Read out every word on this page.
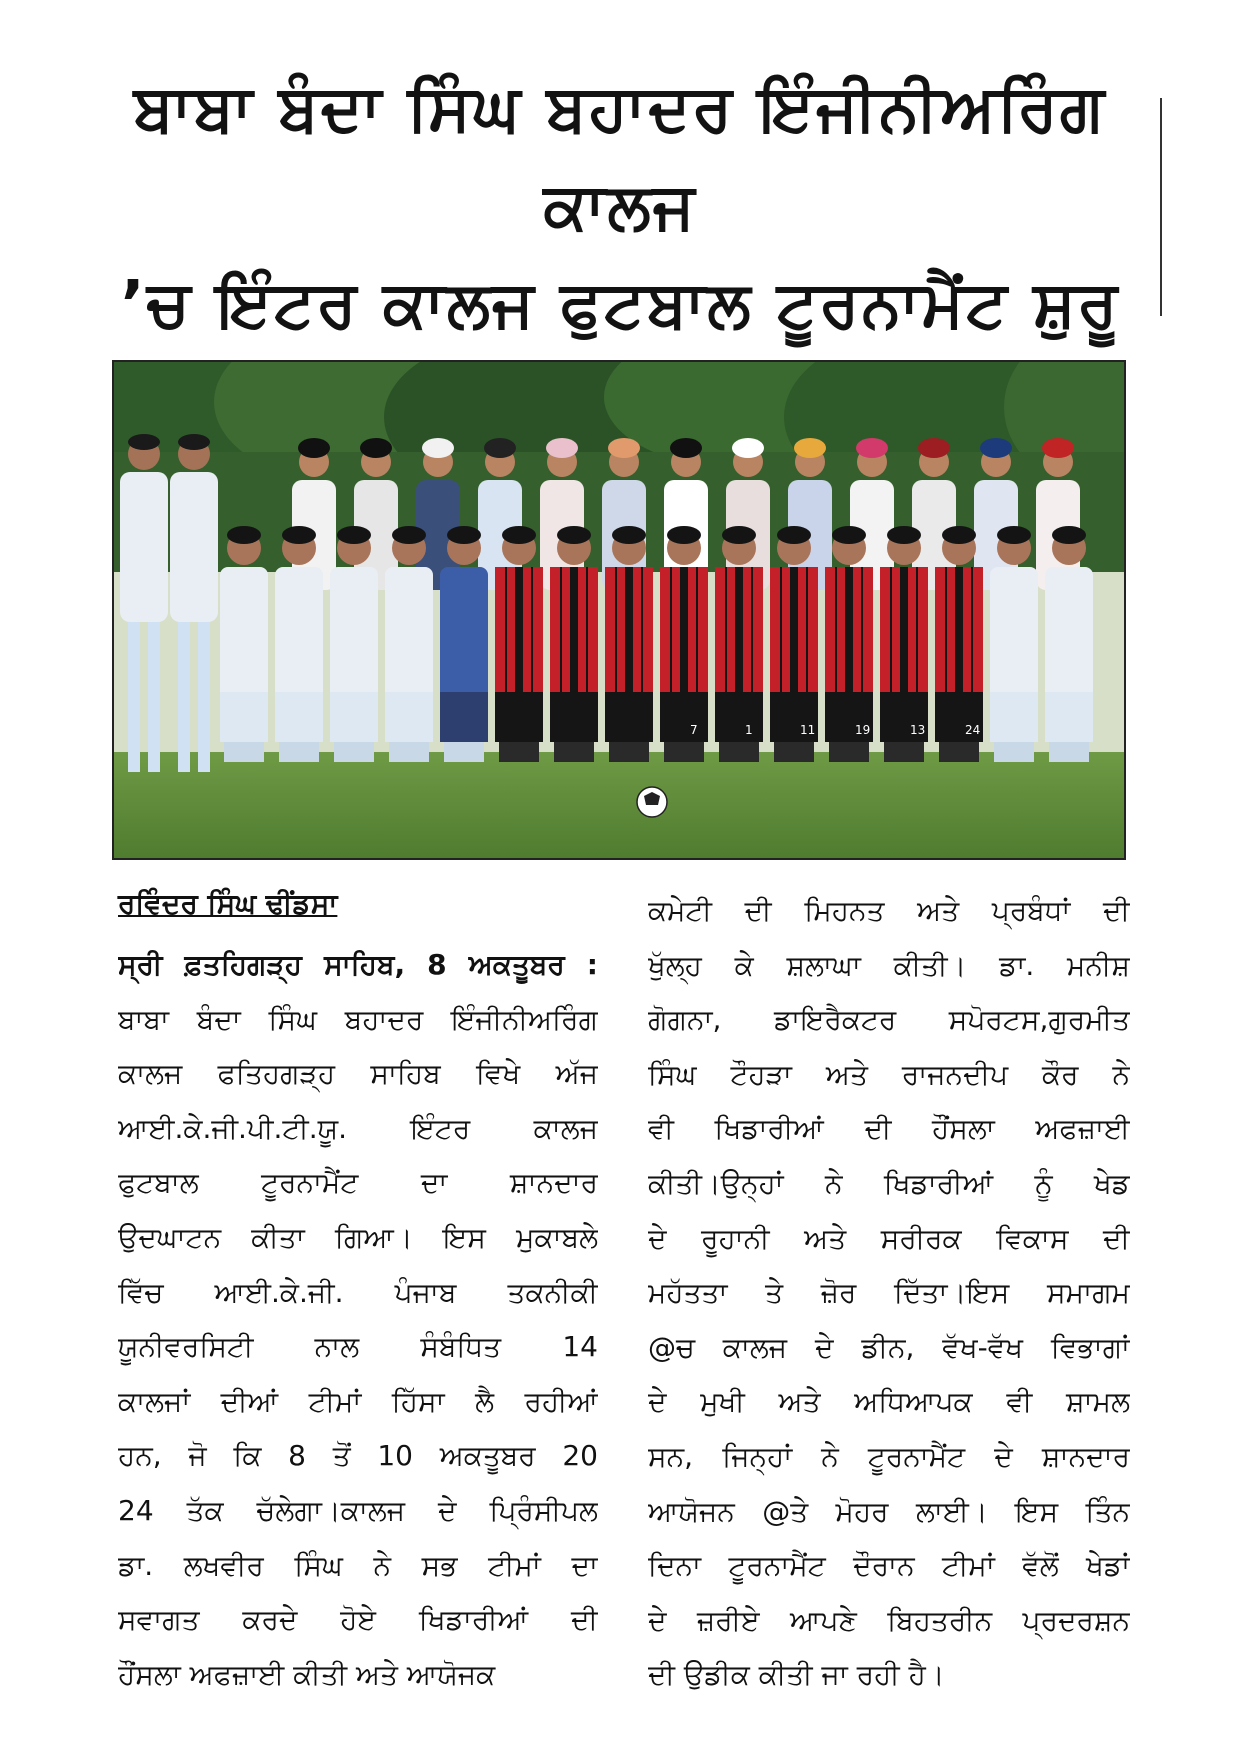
ਬਾਬਾ ਬੰਦਾ ਸਿੰਘ ਬਹਾਦਰ ਇੰਜੀਨੀਅਰਿੰਗ ਕਾਲਜ
’ਚ ਇੰਟਰ ਕਾਲਜ ਫੁਟਬਾਲ ਟੂਰਨਾਮੈਂਟ ਸ਼ੁਰੂ
7	1	11	19	13	24
ਰਵਿੰਦਰ ਸਿੰਘ ਢੀਂਡਸਾ
ਸ੍ਰੀ ਫ਼ਤਹਿਗੜ੍ਹ ਸਾਹਿਬ, 8 ਅਕਤੂਬਰ :
ਬਾਬਾ ਬੰਦਾ ਸਿੰਘ ਬਹਾਦਰ ਇੰਜੀਨੀਅਰਿੰਗ
ਕਾਲਜ ਫਤਿਹਗੜ੍ਹ ਸਾਹਿਬ ਵਿਖੇ ਅੱਜ
ਆਈ.ਕੇ.ਜੀ.ਪੀ.ਟੀ.ਯੂ. ਇੰਟਰ ਕਾਲਜ
ਫੁਟਬਾਲ ਟੂਰਨਾਮੈਂਟ ਦਾ ਸ਼ਾਨਦਾਰ
ਉਦਘਾਟਨ ਕੀਤਾ ਗਿਆ। ਇਸ ਮੁਕਾਬਲੇ
ਵਿੱਚ ਆਈ.ਕੇ.ਜੀ. ਪੰਜਾਬ ਤਕਨੀਕੀ
ਯੂਨੀਵਰਸਿਟੀ ਨਾਲ ਸੰਬੰਧਿਤ 14
ਕਾਲਜਾਂ ਦੀਆਂ ਟੀਮਾਂ ਹਿੱਸਾ ਲੈ ਰਹੀਆਂ
ਹਨ, ਜੋ ਕਿ 8 ਤੋਂ 10 ਅਕਤੂਬਰ 20
24 ਤੱਕ ਚੱਲੇਗਾ।ਕਾਲਜ ਦੇ ਪ੍ਰਿੰਸੀਪਲ
ਡਾ. ਲਖਵੀਰ ਸਿੰਘ ਨੇ ਸਭ ਟੀਮਾਂ ਦਾ
ਸਵਾਗਤ ਕਰਦੇ ਹੋਏ ਖਿਡਾਰੀਆਂ ਦੀ
ਹੌਂਸਲਾ ਅਫਜ਼ਾਈ ਕੀਤੀ ਅਤੇ ਆਯੋਜਕ
ਕਮੇਟੀ ਦੀ ਮਿਹਨਤ ਅਤੇ ਪ੍ਰਬੰਧਾਂ ਦੀ
ਖੁੱਲ੍ਹ ਕੇ ਸ਼ਲਾਘਾ ਕੀਤੀ। ਡਾ. ਮਨੀਸ਼
ਗੋਗਨਾ, ਡਾਇਰੈਕਟਰ ਸਪੋਰਟਸ,ਗੁਰਮੀਤ
ਸਿੰਘ ਟੌਹੜਾ ਅਤੇ ਰਾਜਨਦੀਪ ਕੌਰ ਨੇ
ਵੀ ਖਿਡਾਰੀਆਂ ਦੀ ਹੌਂਸਲਾ ਅਫਜ਼ਾਈ
ਕੀਤੀ।ਉਨ੍ਹਾਂ ਨੇ ਖਿਡਾਰੀਆਂ ਨੂੰ ਖੇਡ
ਦੇ ਰੂਹਾਨੀ ਅਤੇ ਸਰੀਰਕ ਵਿਕਾਸ ਦੀ
ਮਹੱਤਤਾ ਤੇ ਜ਼ੋਰ ਦਿੱਤਾ।ਇਸ ਸਮਾਗਮ
@ਚ ਕਾਲਜ ਦੇ ਡੀਨ, ਵੱਖ-ਵੱਖ ਵਿਭਾਗਾਂ
ਦੇ ਮੁਖੀ ਅਤੇ ਅਧਿਆਪਕ ਵੀ ਸ਼ਾਮਲ
ਸਨ, ਜਿਨ੍ਹਾਂ ਨੇ ਟੂਰਨਾਮੈਂਟ ਦੇ ਸ਼ਾਨਦਾਰ
ਆਯੋਜਨ @ਤੇ ਮੋਹਰ ਲਾਈ। ਇਸ ਤਿੰਨ
ਦਿਨਾ ਟੂਰਨਾਮੈਂਟ ਦੌਰਾਨ ਟੀਮਾਂ ਵੱਲੋਂ ਖੇਡਾਂ
ਦੇ ਜ਼ਰੀਏ ਆਪਣੇ ਬਿਹਤਰੀਨ ਪ੍ਰਦਰਸ਼ਨ
ਦੀ ਉਡੀਕ ਕੀਤੀ ਜਾ ਰਹੀ ਹੈ।
